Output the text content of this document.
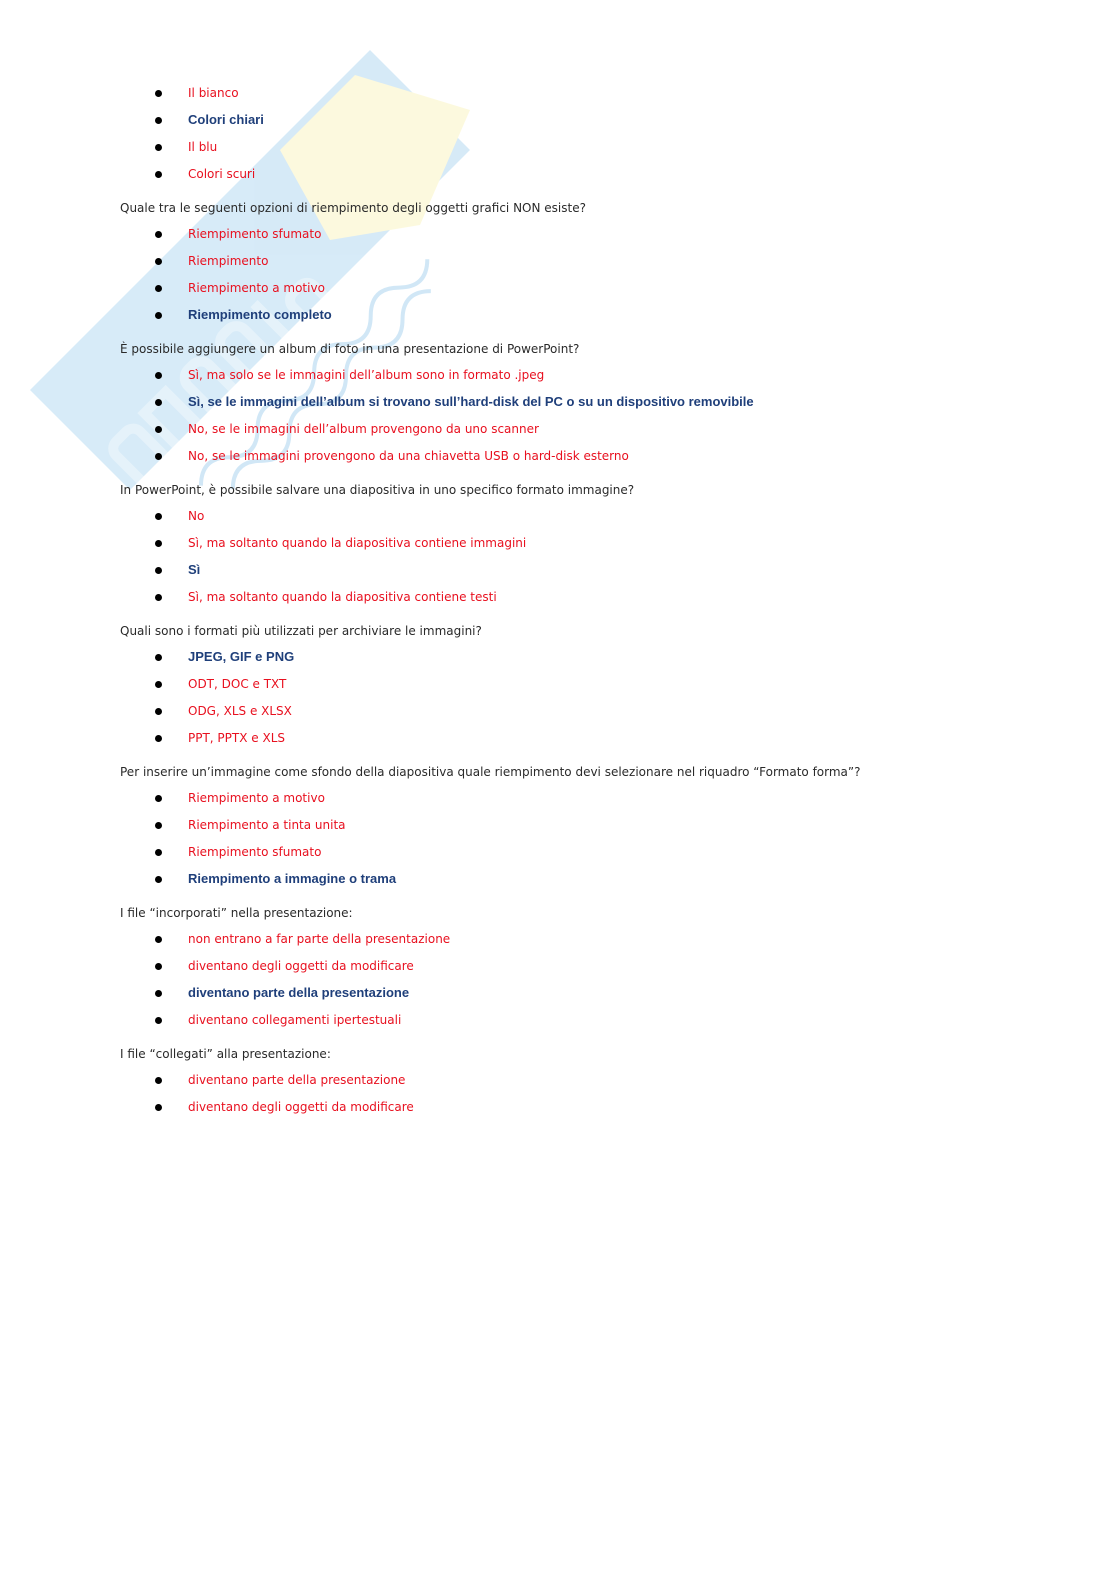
Il bianco
Colori chiari
Il blu
Colori scuri
Quale tra le seguenti opzioni di riempimento degli oggetti grafici NON esiste?
Riempimento sfumato
Riempimento
Riempimento a motivo
Riempimento completo
È possibile aggiungere un album di foto in una presentazione di PowerPoint?
Sì, ma solo se le immagini dell’album sono in formato .jpeg
Sì, se le immagini dell’album si trovano sull’hard-disk del PC o su un dispositivo removibile
No, se le immagini dell’album provengono da uno scanner
No, se le immagini provengono da una chiavetta USB o hard-disk esterno
In PowerPoint, è possibile salvare una diapositiva in uno specifico formato immagine?
No
Sì, ma soltanto quando la diapositiva contiene immagini
Sì
Sì, ma soltanto quando la diapositiva contiene testi
Quali sono i formati più utilizzati per archiviare le immagini?
JPEG, GIF e PNG
ODT, DOC e TXT
ODG, XLS e XLSX
PPT, PPTX e XLS
Per inserire un’immagine come sfondo della diapositiva quale riempimento devi selezionare nel riquadro “Formato forma”?
Riempimento a motivo
Riempimento a tinta unita
Riempimento sfumato
Riempimento a immagine o trama
I file “incorporati” nella presentazione:
non entrano a far parte della presentazione
diventano degli oggetti da modificare
diventano parte della presentazione
diventano collegamenti ipertestuali
I file “collegati” alla presentazione:
diventano parte della presentazione
diventano degli oggetti da modificare
